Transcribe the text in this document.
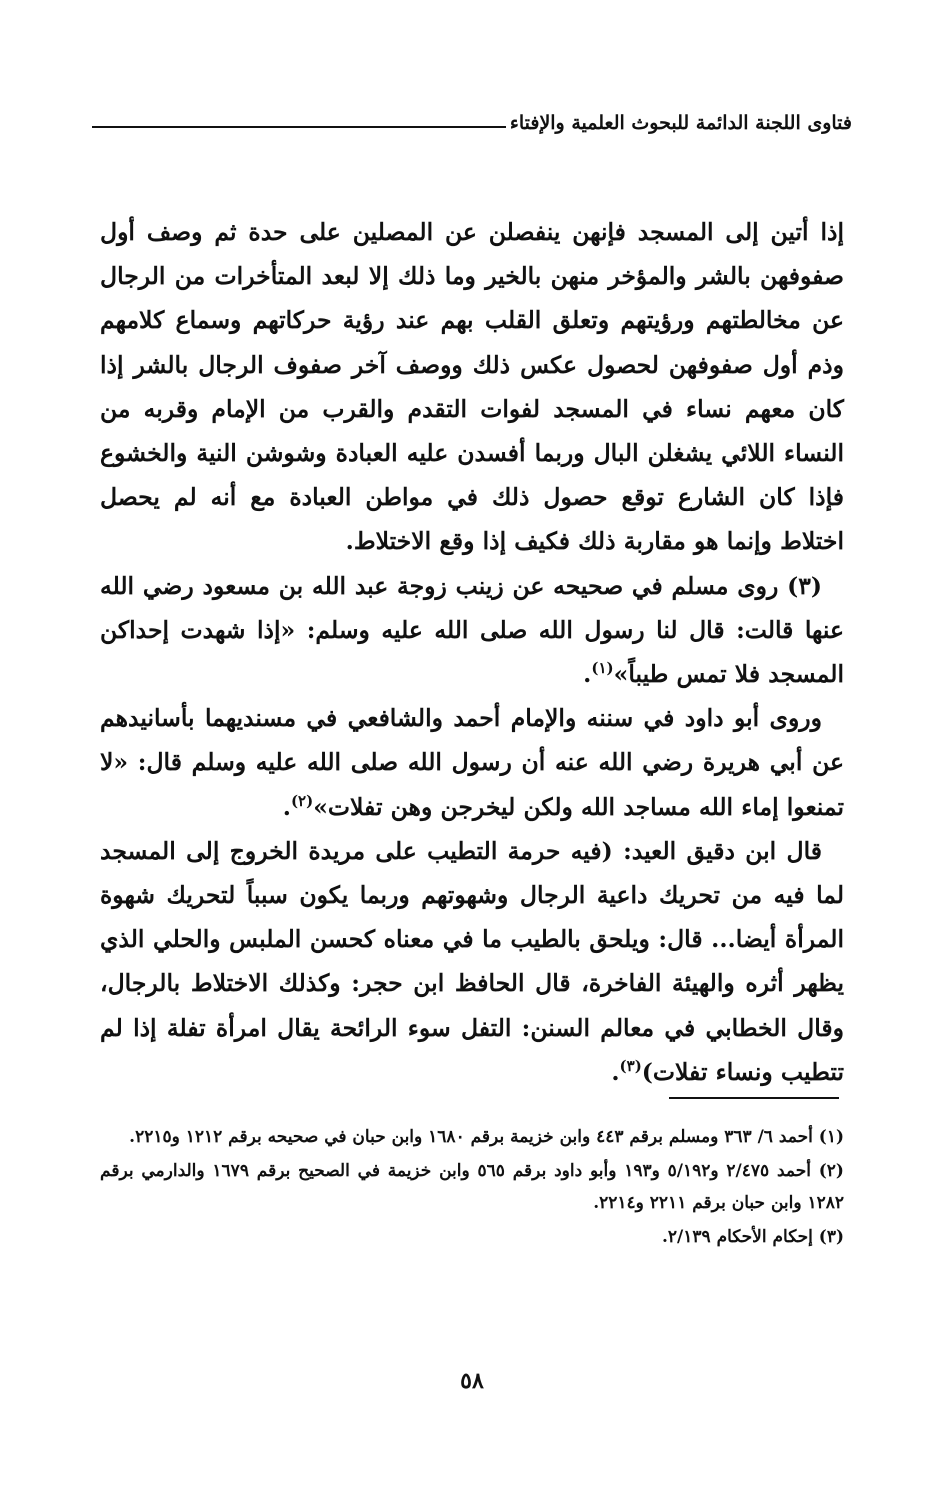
فتاوى اللجنة الدائمة للبحوث العلمية والإفتاء

إذا أتين إلى المسجد فإنهن ينفصلن عن المصلين على حدة ثم وصف أول صفوفهن بالشر والمؤخر منهن بالخير وما ذلك إلا لبعد المتأخرات من الرجال عن مخالطتهم ورؤيتهم وتعلق القلب بهم عند رؤية حركاتهم وسماع كلامهم وذم أول صفوفهن لحصول عكس ذلك ووصف آخر صفوف الرجال بالشر إذا كان معهم نساء في المسجد لفوات التقدم والقرب من الإمام وقربه من النساء اللائي يشغلن البال وربما أفسدن عليه العبادة وشوشن النية والخشوع فإذا كان الشارع توقع حصول ذلك في مواطن العبادة مع أنه لم يحصل اختلاط وإنما هو مقاربة ذلك فكيف إذا وقع الاختلاط.

(٣) روى مسلم في صحيحه عن زينب زوجة عبد الله بن مسعود رضي الله عنها قالت: قال لنا رسول الله صلى الله عليه وسلم: «إذا شهدت إحداكن المسجد فلا تمس طيباً»$^{(١)}$.

وروى أبو داود في سننه والإمام أحمد والشافعي في مسنديهما بأسانيدهم عن أبي هريرة رضي الله عنه أن رسول الله صلى الله عليه وسلم قال: «لا تمنعوا إماء الله مساجد الله ولكن ليخرجن وهن تفلات»$^{(٢)}$.

قال ابن دقيق العيد: (فيه حرمة التطيب على مريدة الخروج إلى المسجد لما فيه من تحريك داعية الرجال وشهوتهم وربما يكون سبباً لتحريك شهوة المرأة أيضا... قال: ويلحق بالطيب ما في معناه كحسن الملبس والحلي الذي يظهر أثره والهيئة الفاخرة، قال الحافظ ابن حجر: وكذلك الاختلاط بالرجال، وقال الخطابي في معالم السنن: التفل سوء الرائحة يقال امرأة تفلة إذا لم تتطيب ونساء تفلات)$^{(٣)}$.

(١) أحمد ٦/ ٣٦٣ ومسلم برقم ٤٤٣ وابن خزيمة برقم ١٦٨٠ وابن حبان في صحيحه برقم ١٢١٢ و٢٢١٥.

(٢) أحمد ٢/٤٧٥ و٥/١٩٢ و١٩٣ وأبو داود برقم ٥٦٥ وابن خزيمة في الصحيح برقم ١٦٧٩ والدارمي برقم ١٢٨٢ وابن حبان برقم ٢٢١١ و٢٢١٤.

(٣) إحكام الأحكام ٢/١٣٩.

٥٨
